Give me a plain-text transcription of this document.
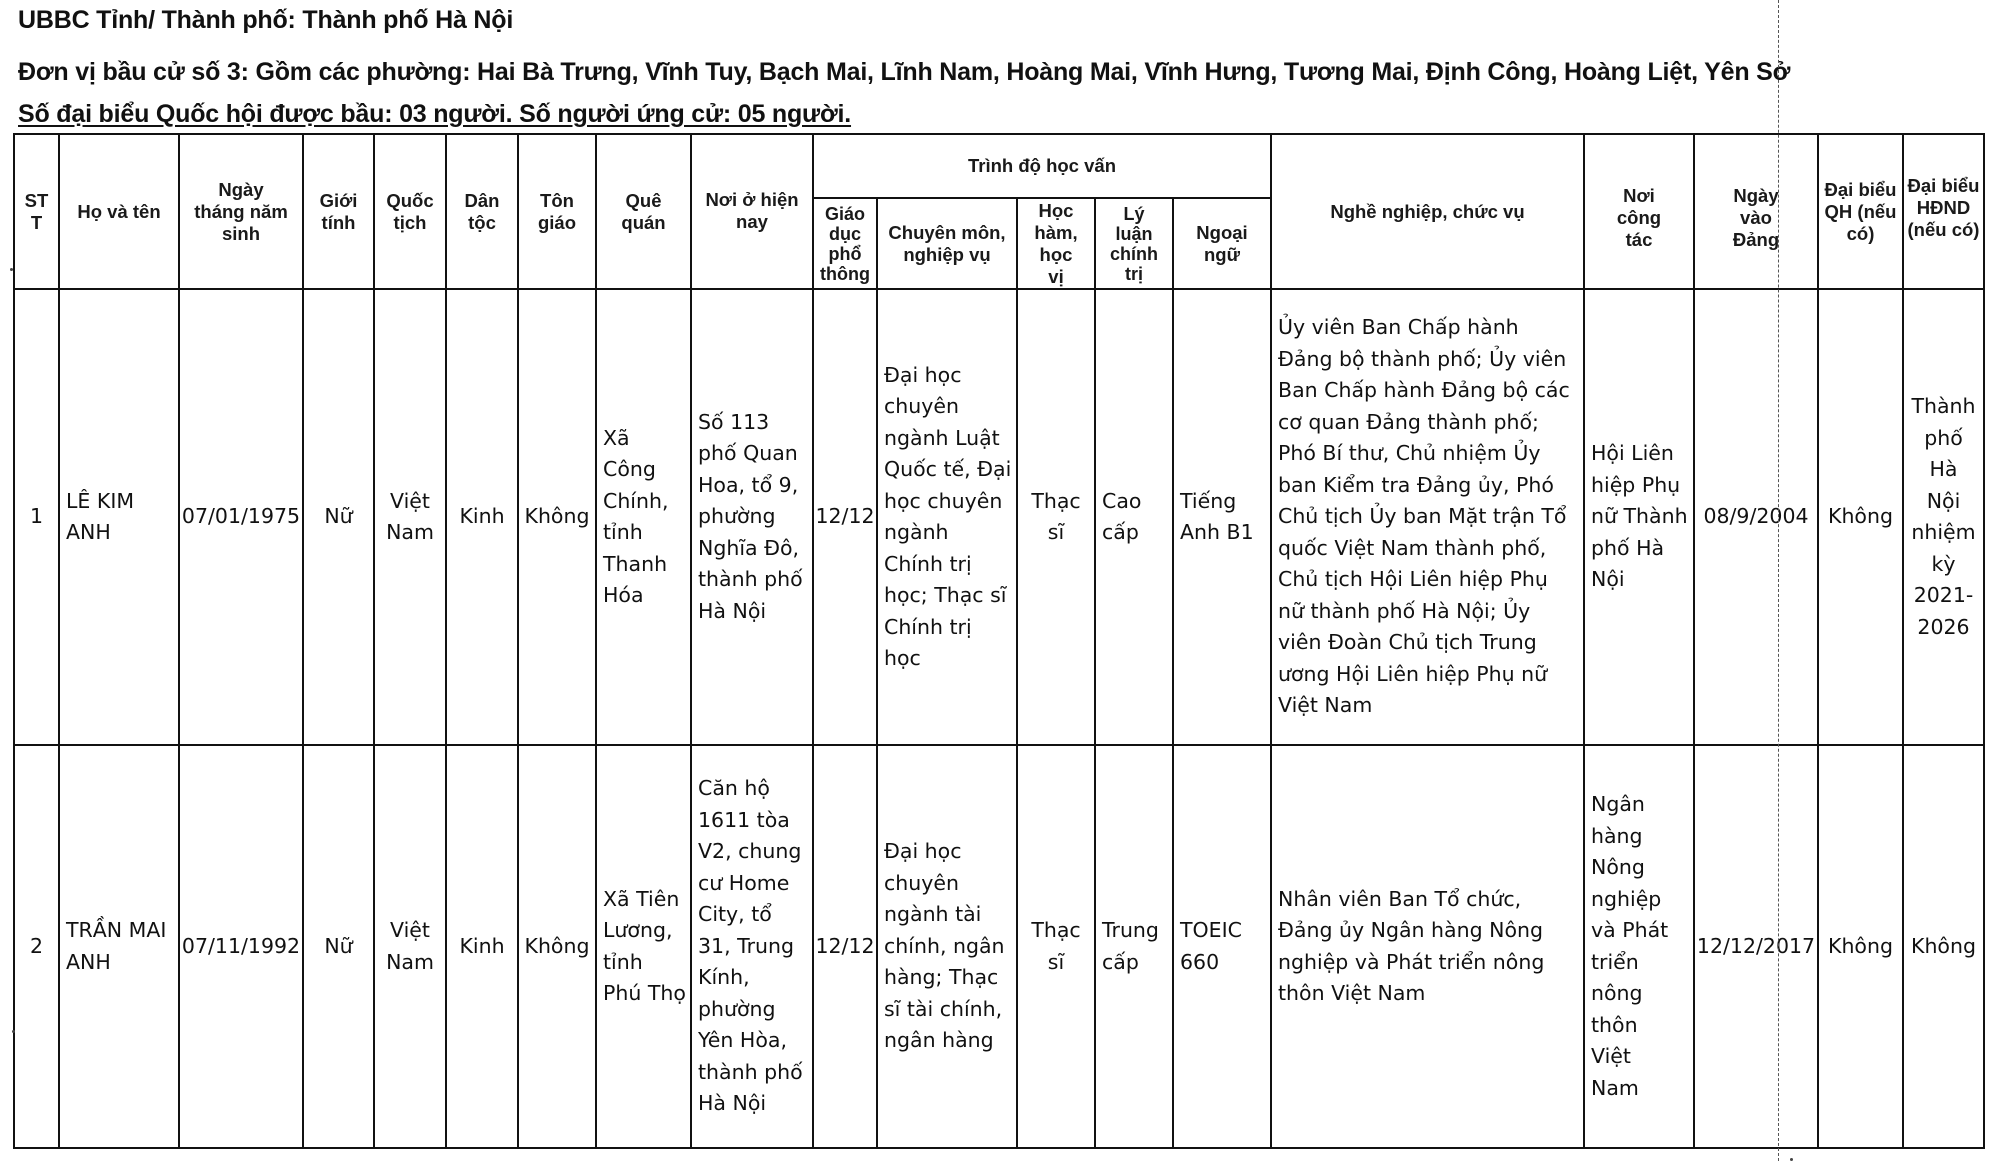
UBBC Tỉnh/ Thành phố: Thành phố Hà Nội
Đơn vị bầu cử số 3: Gồm các phường: Hai Bà Trưng, Vĩnh Tuy, Bạch Mai, Lĩnh Nam, Hoàng Mai, Vĩnh Hưng, Tương Mai, Định Công, Hoàng Liệt, Yên Sở
Số đại biểu Quốc hội được bầu: 03 người. Số người ứng cử: 05 người.
ST T
Họ và tên
Ngày tháng năm sinh
Giới tính
Quốc tịch
Dân tộc
Tôn giáo
Quê quán
Nơi ở hiện nay
Trình độ học vấn
Giáo dục phổ thông
Chuyên môn, nghiệp vụ
Học hàm, học vị
Lý luận chính trị
Ngoại ngữ
Nghề nghiệp, chức vụ
Nơi công tác
Ngày vào Đảng
Đại biểu QH (nếu có)
Đại biểu HĐND (nếu có)
1
LÊ KIM ANH
07/01/1975	Nữ
Việt Nam
Kinh Không
Xã Công Chính, tỉnh Thanh Hóa
Số 113 phố Quan Hoa, tổ 9, phường Nghĩa Đô, thành phố Hà Nội
12/12
Đại học chuyên ngành Luật Quốc tế, Đại học chuyên ngành Chính trị học; Thạc sĩ Chính trị học
Thạc sĩ
Cao cấp
Tiếng Anh B1
Ủy viên Ban Chấp hành Đảng bộ thành phố; Ủy viên Ban Chấp hành Đảng bộ các cơ quan Đảng thành phố; Phó Bí thư, Chủ nhiệm Ủy ban Kiểm tra Đảng ủy, Phó Chủ tịch Ủy ban Mặt trận Tổ quốc Việt Nam thành phố, Chủ tịch Hội Liên hiệp Phụ nữ thành phố Hà Nội; Ủy viên Đoàn Chủ tịch Trung ương Hội Liên hiệp Phụ nữ Việt Nam
Hội Liên hiệp Phụ nữ Thành phố Hà Nội
08/9/2004 Không
Thành phố Hà Nội nhiệm kỳ 2021-2026
2
TRẦN MAI ANH
07/11/1992	Nữ
Việt Nam
Kinh Không
Xã Tiên Lương, tỉnh Phú Thọ
Căn hộ 1611 tòa V2, chung cư Home City, tổ 31, Trung Kính, phường Yên Hòa, thành phố Hà Nội
12/12
Đại học chuyên ngành tài chính, ngân hàng; Thạc sĩ tài chính, ngân hàng
Thạc sĩ
Trung cấp
TOEIC 660
Nhân viên Ban Tổ chức, Đảng ủy Ngân hàng Nông nghiệp và Phát triển nông thôn Việt Nam
Ngân hàng Nông nghiệp và Phát triển nông thôn Việt Nam
12/12/2017 Không Không
